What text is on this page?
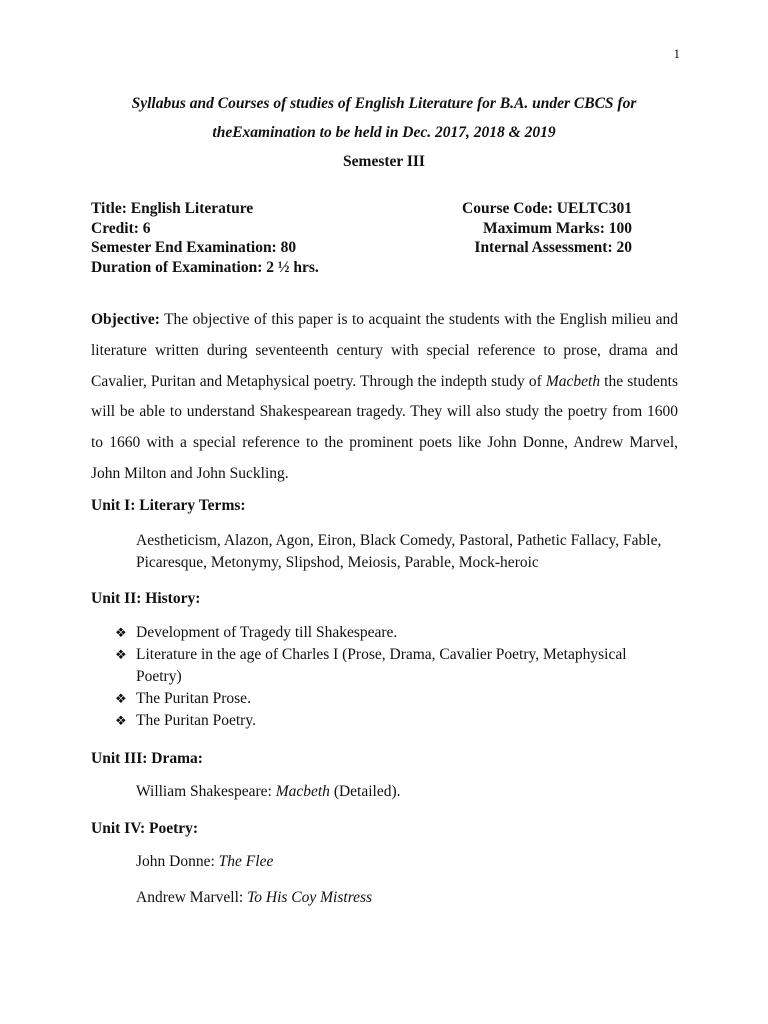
1
Syllabus and Courses of studies of English Literature for B.A. under CBCS for
theExamination to be held in Dec. 2017, 2018 & 2019
Semester III
Title: English Literature	Course Code: UELTC301
Credit: 6	Maximum Marks: 100
Semester End Examination: 80	Internal Assessment: 20
Duration of Examination: 2 ½ hrs.
Objective: The objective of this paper is to acquaint the students with the English milieu and literature written during seventeenth century with special reference to prose, drama and Cavalier, Puritan and Metaphysical poetry. Through the indepth study of Macbeth the students will be able to understand Shakespearean tragedy. They will also study the poetry from 1600 to 1660 with a special reference to the prominent poets like John Donne, Andrew Marvel, John Milton and John Suckling.
Unit I: Literary Terms:
Aestheticism, Alazon, Agon, Eiron, Black Comedy, Pastoral, Pathetic Fallacy, Fable, Picaresque, Metonymy, Slipshod, Meiosis, Parable, Mock-heroic
Unit II: History:
❖ Development of Tragedy till Shakespeare.
❖ Literature in the age of Charles I (Prose, Drama, Cavalier Poetry, Metaphysical Poetry)
❖ The Puritan Prose.
❖ The Puritan Poetry.
Unit III: Drama:
William Shakespeare: Macbeth (Detailed).
Unit IV: Poetry:
John Donne: The Flee
Andrew Marvell: To His Coy Mistress
